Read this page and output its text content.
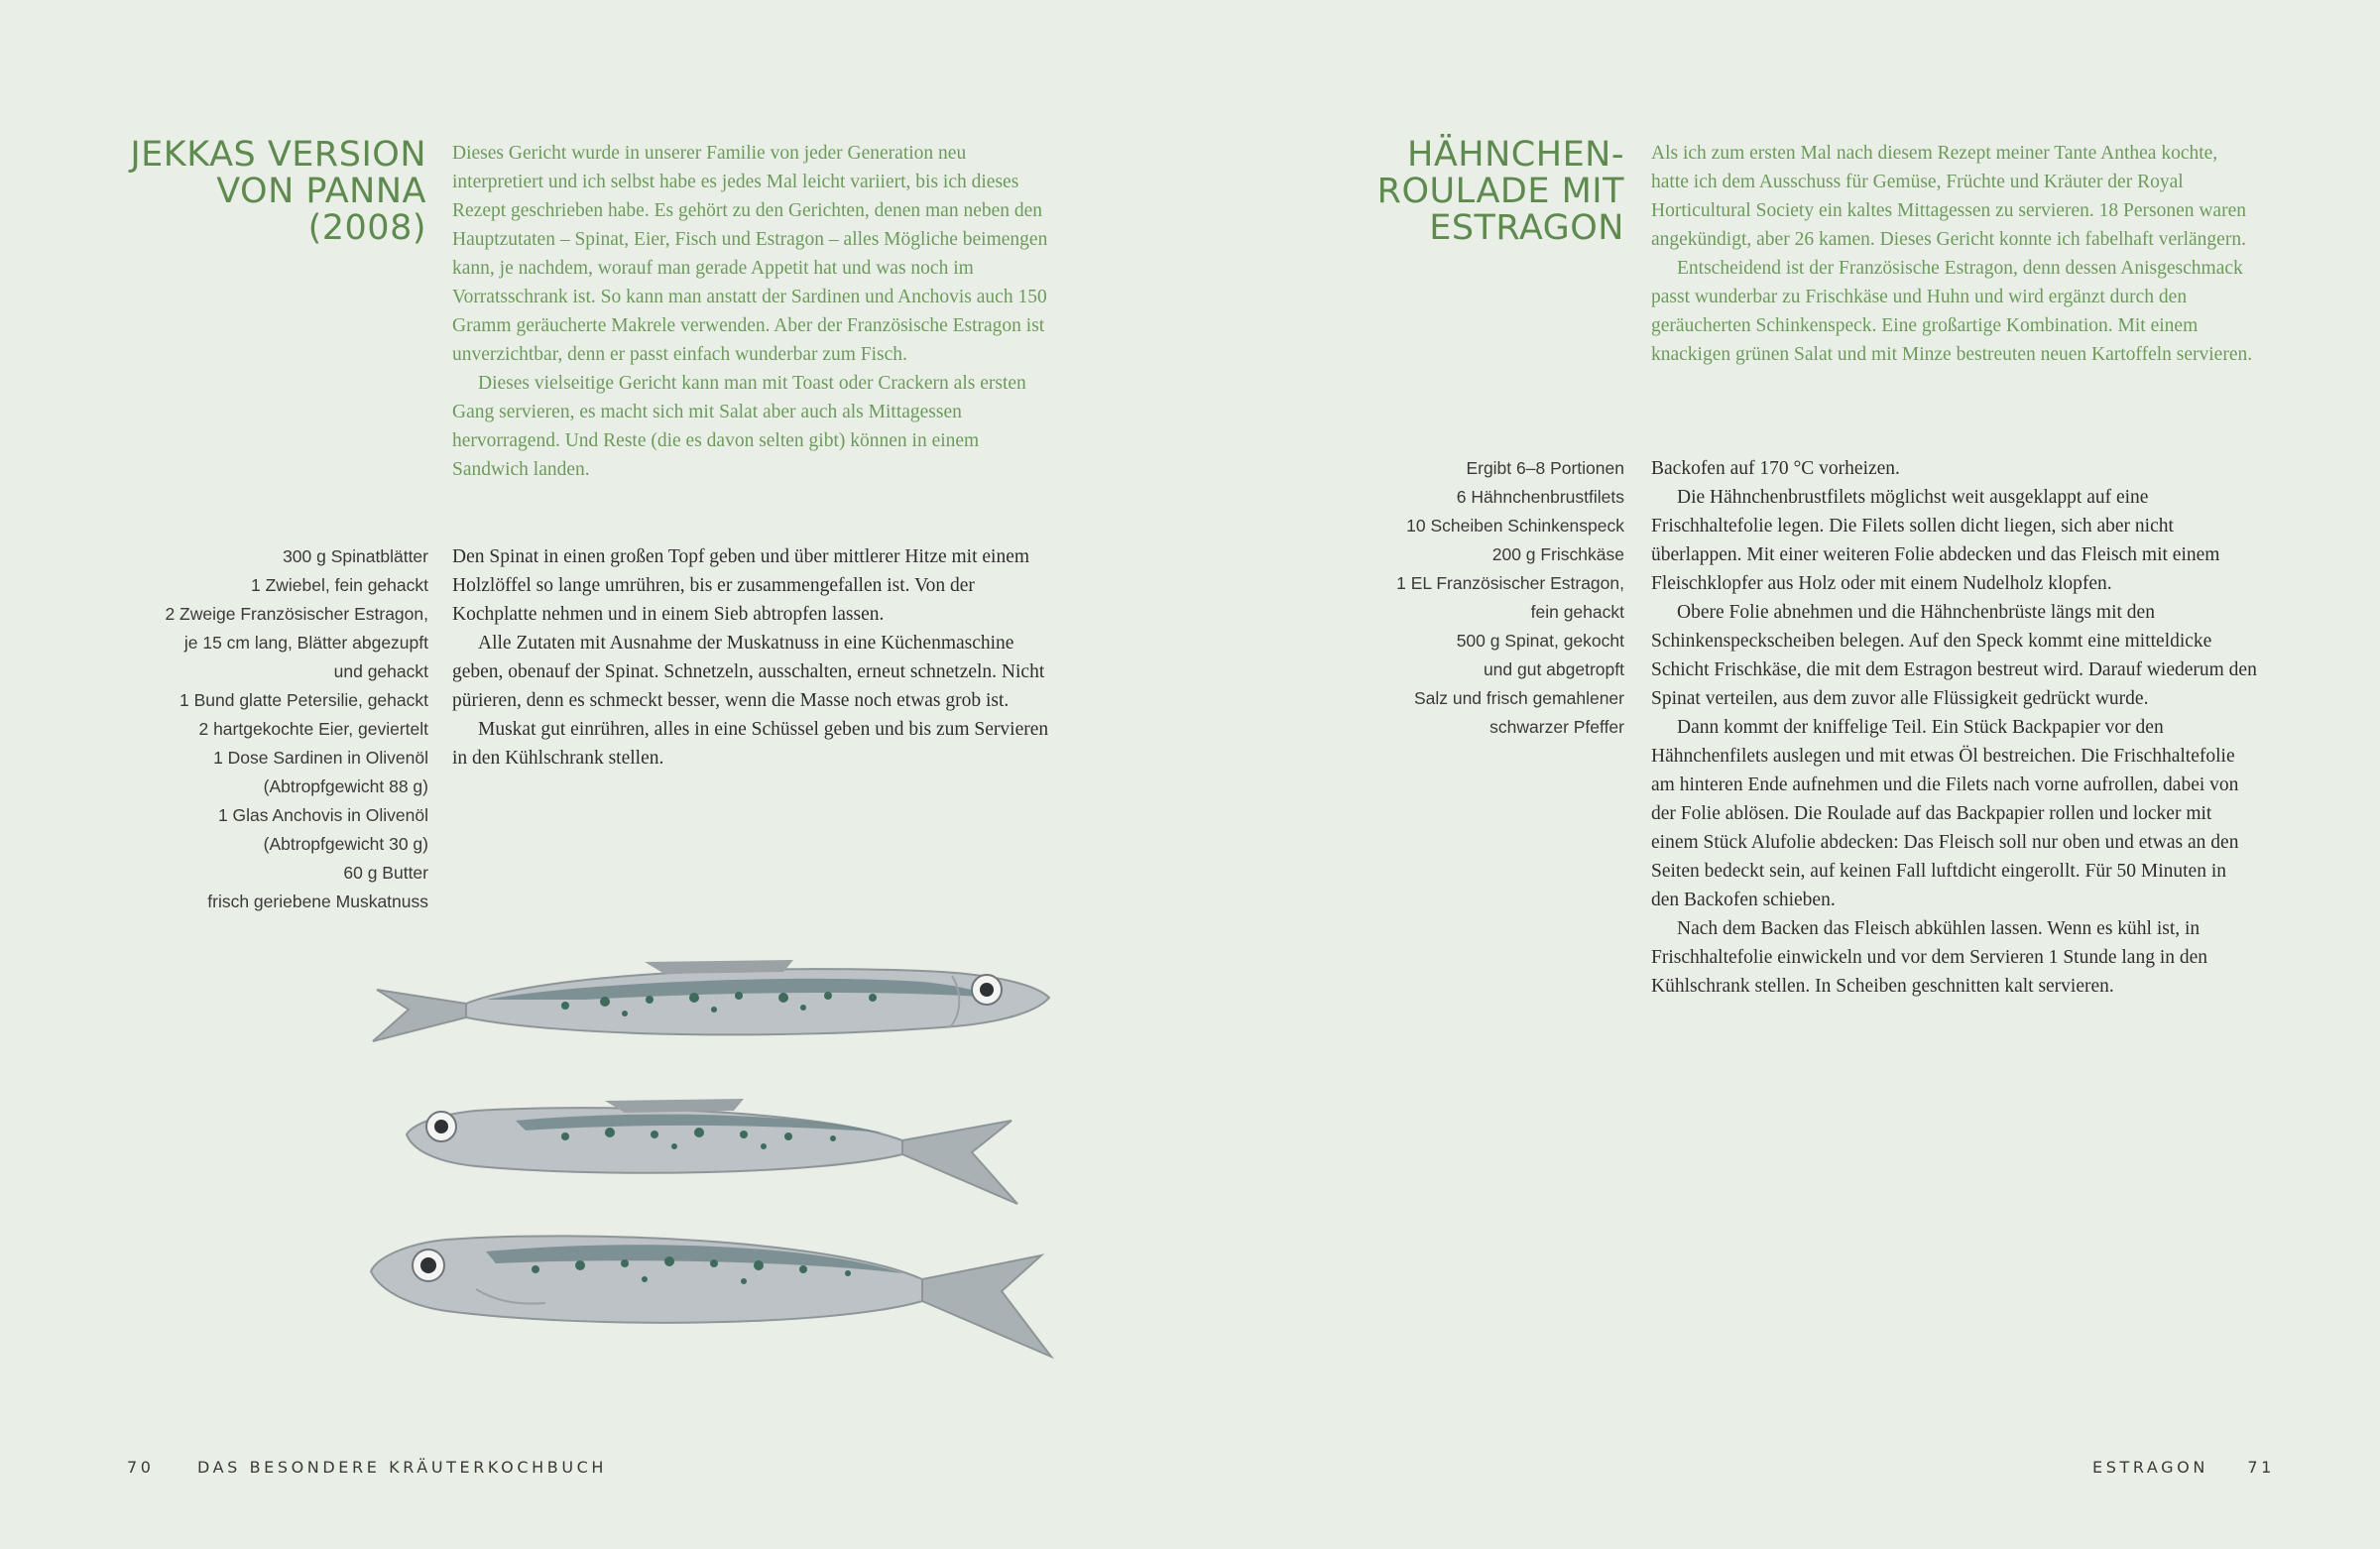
JEKKAS VERSION
VON PANNA
(2008)

Dieses Gericht wurde in unserer Familie von jeder Generation neu interpretiert und ich selbst habe es jedes Mal leicht variiert, bis ich dieses Rezept geschrieben habe. Es gehört zu den Gerichten, denen man neben den Hauptzutaten – Spinat, Eier, Fisch und Estragon – alles Mögliche beimengen kann, je nachdem, worauf man gerade Appetit hat und was noch im Vorratsschrank ist. So kann man anstatt der Sardinen und Anchovis auch 150 Gramm geräucherte Makrele verwenden. Aber der Französische Estragon ist unverzichtbar, denn er passt einfach wunderbar zum Fisch.

Dieses vielseitige Gericht kann man mit Toast oder Crackern als ersten Gang servieren, es macht sich mit Salat aber auch als Mittagessen hervorragend. Und Reste (die es davon selten gibt) können in einem Sandwich landen.

300 g Spinatblätter
1 Zwiebel, fein gehackt
2 Zweige Französischer Estragon,
je 15 cm lang, Blätter abgezupft
und gehackt
1 Bund glatte Petersilie, gehackt
2 hartgekochte Eier, geviertelt
1 Dose Sardinen in Olivenöl
(Abtropfgewicht 88 g)
1 Glas Anchovis in Olivenöl
(Abtropfgewicht 30 g)
60 g Butter
frisch geriebene Muskatnuss

Den Spinat in einen großen Topf geben und über mittlerer Hitze mit einem Holzlöffel so lange umrühren, bis er zusammengefallen ist. Von der Kochplatte nehmen und in einem Sieb abtropfen lassen.

Alle Zutaten mit Ausnahme der Muskatnuss in eine Küchenmaschine geben, obenauf der Spinat. Schnetzeln, ausschalten, erneut schnetzeln. Nicht pürieren, denn es schmeckt besser, wenn die Masse noch etwas grob ist.

Muskat gut einrühren, alles in eine Schüssel geben und bis zum Servieren in den Kühlschrank stellen.

70	DAS BESONDERE KRÄUTERKOCHBUCH
HÄHNCHEN-
ROULADE MIT
ESTRAGON

Als ich zum ersten Mal nach diesem Rezept meiner Tante Anthea kochte, hatte ich dem Ausschuss für Gemüse, Früchte und Kräuter der Royal Horticultural Society ein kaltes Mittagessen zu servieren. 18 Personen waren angekündigt, aber 26 kamen. Dieses Gericht konnte ich fabelhaft verlängern.

Entscheidend ist der Französische Estragon, denn dessen Anisgeschmack passt wunderbar zu Frischkäse und Huhn und wird ergänzt durch den geräucherten Schinkenspeck. Eine großartige Kombination. Mit einem knackigen grünen Salat und mit Minze bestreuten neuen Kartoffeln servieren.

Ergibt 6–8 Portionen
6 Hähnchenbrustfilets
10 Scheiben Schinkenspeck
200 g Frischkäse
1 EL Französischer Estragon,
fein gehackt
500 g Spinat, gekocht
und gut abgetropft
Salz und frisch gemahlener
schwarzer Pfeffer

Backofen auf 170 °C vorheizen.

Die Hähnchenbrustfilets möglichst weit ausgeklappt auf eine Frischhaltefolie legen. Die Filets sollen dicht liegen, sich aber nicht überlappen. Mit einer weiteren Folie abdecken und das Fleisch mit einem Fleischklopfer aus Holz oder mit einem Nudelholz klopfen.

Obere Folie abnehmen und die Hähnchenbrüste längs mit den Schinkenspeckscheiben belegen. Auf den Speck kommt eine mitteldicke Schicht Frischkäse, die mit dem Estragon bestreut wird. Darauf wiederum den Spinat verteilen, aus dem zuvor alle Flüssigkeit gedrückt wurde.

Dann kommt der kniffelige Teil. Ein Stück Backpapier vor den Hähnchenfilets auslegen und mit etwas Öl bestreichen. Die Frischhaltefolie am hinteren Ende aufnehmen und die Filets nach vorne aufrollen, dabei von der Folie ablösen. Die Roulade auf das Backpapier rollen und locker mit einem Stück Alufolie abdecken: Das Fleisch soll nur oben und etwas an den Seiten bedeckt sein, auf keinen Fall luftdicht eingerollt. Für 50 Minuten in den Backofen schieben.

Nach dem Backen das Fleisch abkühlen lassen. Wenn es kühl ist, in Frischhaltefolie einwickeln und vor dem Servieren 1 Stunde lang in den Kühlschrank stellen. In Scheiben geschnitten kalt servieren.

ESTRAGON 71
